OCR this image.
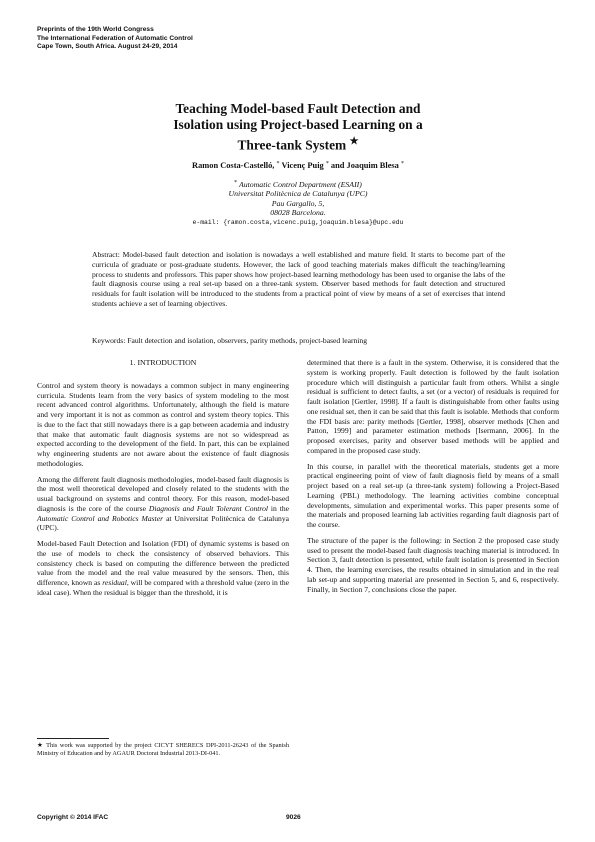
Preprints of the 19th World Congress
The International Federation of Automatic Control
Cape Town, South Africa. August 24-29, 2014
Teaching Model-based Fault Detection and
Isolation using Project-based Learning on a
Three-tank System ★
Ramon Costa-Castelló, * Vicenç Puig * and Joaquim Blesa *
* Automatic Control Department (ESAII)
Universitat Politècnica de Catalunya (UPC)
Pau Gargallo, 5,
08028 Barcelona.
e-mail: {ramon.costa,vicenc.puig,joaquim.blesa}@upc.edu
Abstract: Model-based fault detection and isolation is nowadays a well established and mature field. It starts to become part of the curricula of graduate or post-graduate students. However, the lack of good teaching materials makes difficult the teaching/learning process to students and professors. This paper shows how project-based learning methodology has been used to organise the labs of the fault diagnosis course using a real set-up based on a three-tank system. Observer based methods for fault detection and structured residuals for fault isolation will be introduced to the students from a practical point of view by means of a set of exercises that intend students achieve a set of learning objectives.
Keywords: Fault detection and isolation, observers, parity methods, project-based learning
1. INTRODUCTION

Control and system theory is nowadays a common subject in many engineering curricula. Students learn from the very basics of system modeling to the most recent advanced control algorithms. Unfortunately, although the field is mature and very important it is not as common as control and system theory topics. This is due to the fact that still nowadays there is a gap between academia and industry that make that automatic fault diagnosis systems are not so widespread as expected according to the development of the field. In part, this can be explained why engineering students are not aware about the existence of fault diagnosis methodologies.

Among the different fault diagnosis methodologies, model-based fault diagnosis is the most well theoretical developed and closely related to the students with the usual background on systems and control theory. For this reason, model-based diagnosis is the core of the course Diagnosis and Fault Tolerant Control in the Automatic Control and Robotics Master at Universitat Politècnica de Catalunya (UPC).

Model-based Fault Detection and Isolation (FDI) of dynamic systems is based on the use of models to check the consistency of observed behaviors. This consistency check is based on computing the difference between the predicted value from the model and the real value measured by the sensors. Then, this difference, known as residual, will be compared with a threshold value (zero in the ideal case). When the residual is bigger than the threshold, it is

★ This work was supported by the project CICYT SHERECS DPI-2011-26243 of the Spanish Ministry of Education and by AGAUR Doctorat Industrial 2013-DI-041.

determined that there is a fault in the system. Otherwise, it is considered that the system is working properly. Fault detection is followed by the fault isolation procedure which will distinguish a particular fault from others. Whilst a single residual is sufficient to detect faults, a set (or a vector) of residuals is required for fault isolation [Gertler, 1998]. If a fault is distinguishable from other faults using one residual set, then it can be said that this fault is isolable. Methods that conform the FDI basis are: parity methods [Gertler, 1998], observer methods [Chen and Patton, 1999] and parameter estimation methods [Isermann, 2006]. In the proposed exercises, parity and observer based methods will be applied and compared in the proposed case study.

In this course, in parallel with the theoretical materials, students get a more practical engineering point of view of fault diagnosis field by means of a small project based on a real set-up (a three-tank system) following a Project-Based Learning (PBL) methodology. The learning activities combine conceptual developments, simulation and experimental works. This paper presents some of the materials and proposed learning lab activities regarding fault diagnosis part of the course.

The structure of the paper is the following: in Section 2 the proposed case study used to present the model-based fault diagnosis teaching material is introduced. In Section 3, fault detection is presented, while fault isolation is presented in Section 4. Then, the learning exercises, the results obtained in simulation and in the real lab set-up and supporting material are presented in Section 5, and 6, respectively. Finally, in Section 7, conclusions close the paper.

Copyright © 2014 IFAC	9026
